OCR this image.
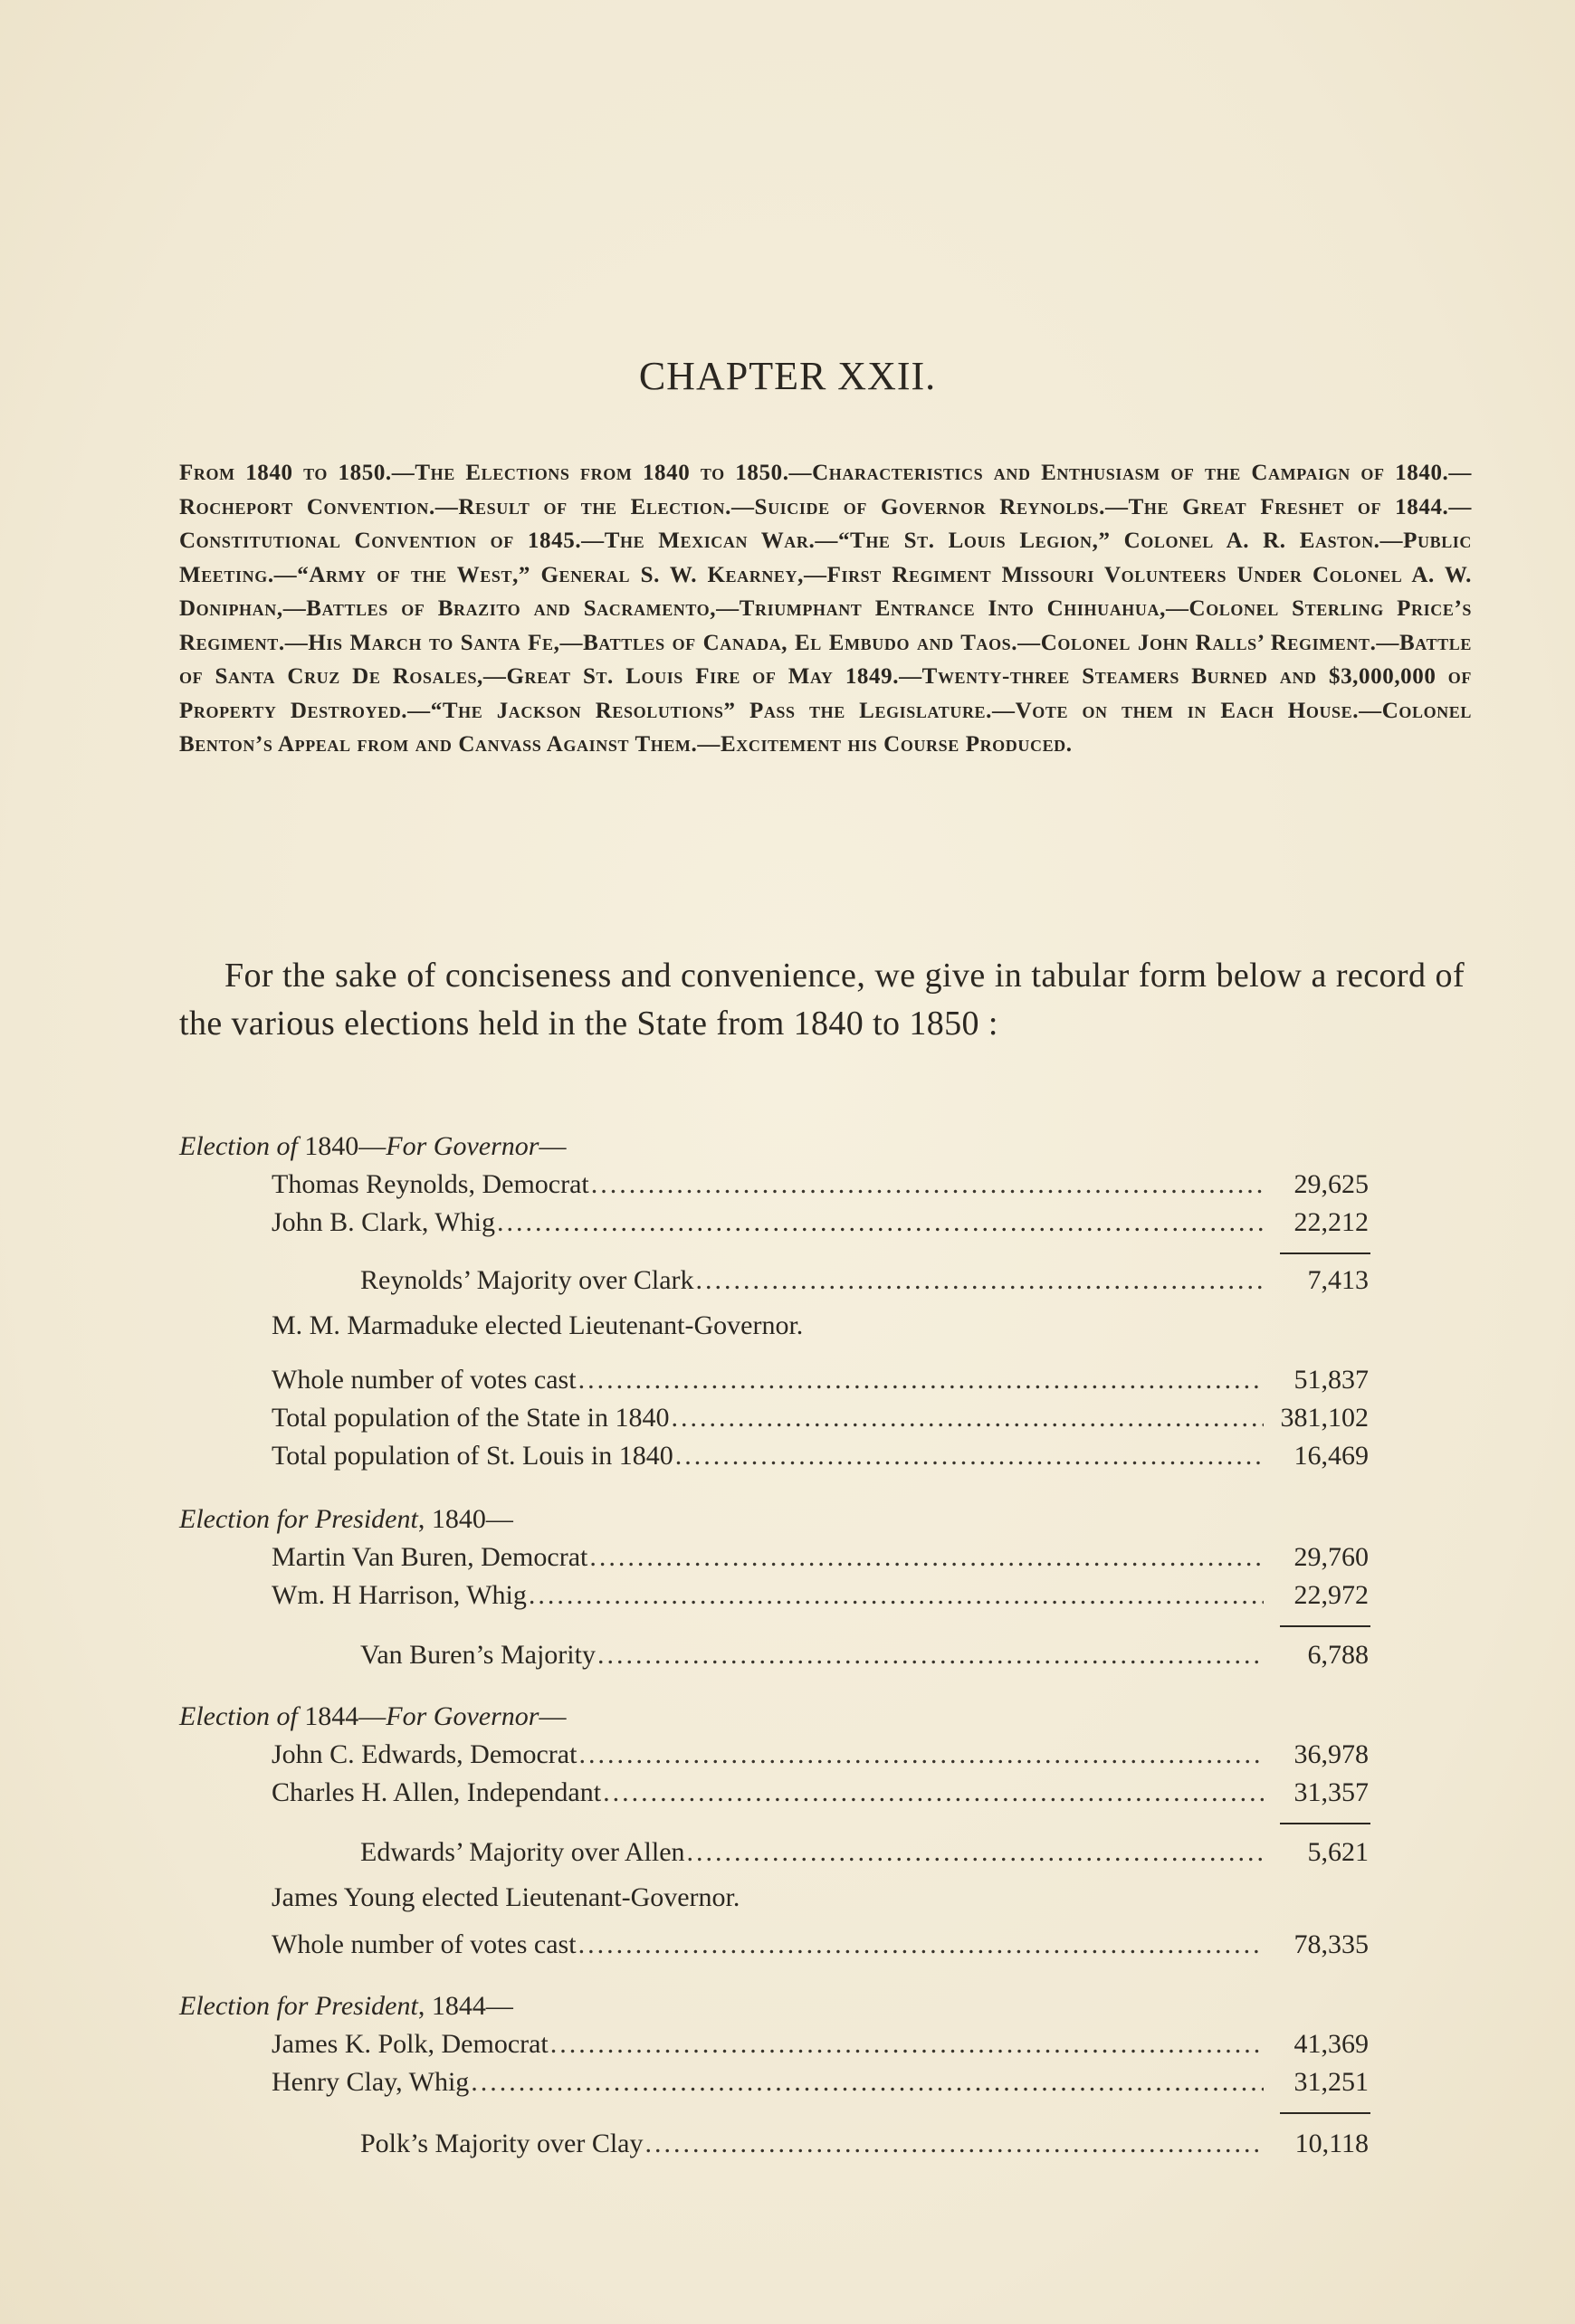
CHAPTER XXII.
From 1840 to 1850.—The Elections from 1840 to 1850.—Characteristics and Enthusiasm of the Campaign of 1840.—Rocheport Convention.—Result of the Election.—Suicide of Governor Reynolds.—The Great Freshet of 1844.—Constitutional Convention of 1845.—The Mexican War.—“The St. Louis Legion,” Colonel A. R. Easton.—Public Meeting.—“Army of the West,” General S. W. Kearney,—First Regiment Missouri Volunteers Under Colonel A. W. Doniphan,—Battles of Brazito and Sacramento,—Triumphant Entrance Into Chihuahua,—Colonel Sterling Price’s Regiment.—His March to Santa Fe,—Battles of Canada, El Embudo and Taos.—Colonel John Ralls’ Regiment.—Battle of Santa Cruz De Rosales,—Great St. Louis Fire of May 1849.—Twenty-three Steamers Burned and $3,000,000 of Property Destroyed.—“The Jackson Resolutions” Pass the Legislature.—Vote on them in Each House.—Colonel Benton’s Appeal from and Canvass Against Them.—Excitement his Course Produced.
For the sake of conciseness and convenience, we give in tabular form below a record of the various elections held in the State from 1840 to 1850 :
Election of 1840—For Governor—
Thomas Reynolds, Democrat .....	29,625
John B. Clark, Whig .....	22,212
Reynolds’ Majority over Clark .....	7,413
M. M. Marmaduke elected Lieutenant-Governor.
Whole number of votes cast .....	51,837
Total population of the State in 1840 .....	381,102
Total population of St. Louis in 1840 .....	16,469
Election for President, 1840—
Martin Van Buren, Democrat .....	29,760
Wm. H Harrison, Whig .....	22,972
Van Buren’s Majority .....	6,788
Election of 1844—For Governor—
John C. Edwards, Democrat .....	36,978
Charles H. Allen, Independant .....	31,357
Edwards’ Majority over Allen .....	5,621
James Young elected Lieutenant-Governor.
Whole number of votes cast .....	78,335
Election for President, 1844—
James K. Polk, Democrat .....	41,369
Henry Clay, Whig .....	31,251
Polk’s Majority over Clay .....	10,118
